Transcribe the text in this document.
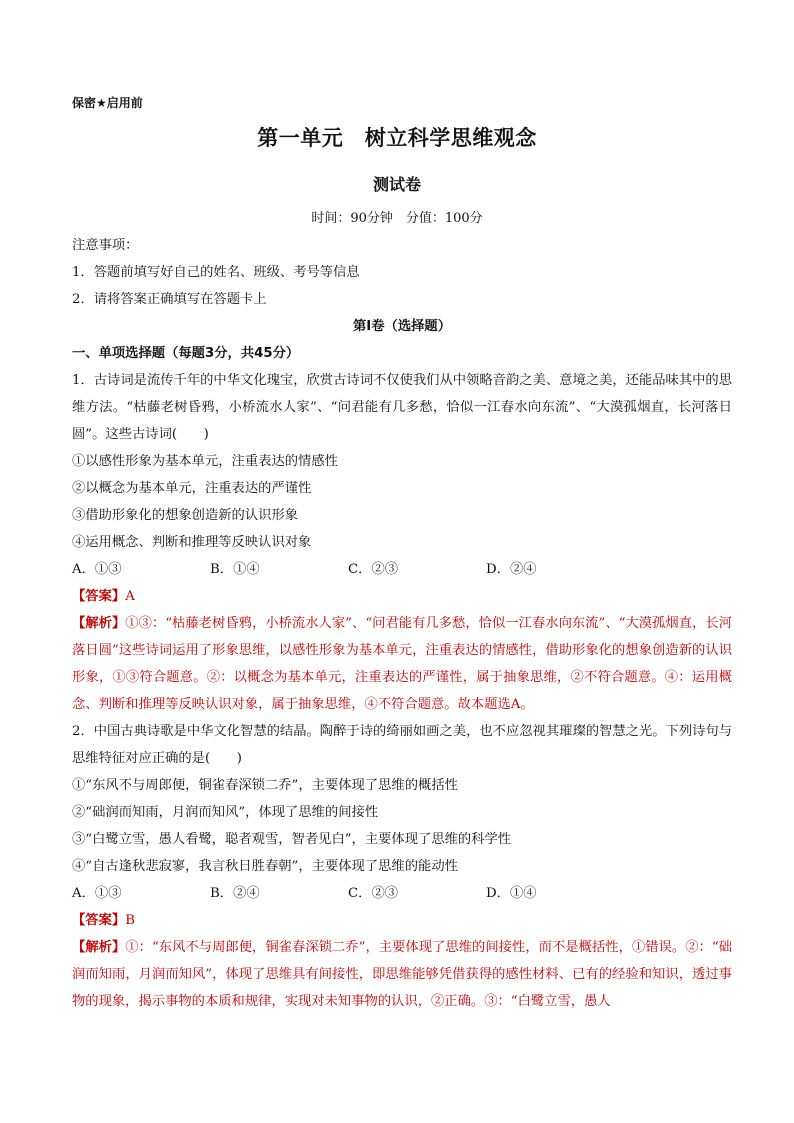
保密★启用前
第一单元　树立科学思维观念
测试卷
时间：90分钟　分值：100分
注意事项：
1．答题前填写好自己的姓名、班级、考号等信息
2．请将答案正确填写在答题卡上
第I卷（选择题）
一、单项选择题（每题3分，共45分）
1．古诗词是流传千年的中华文化瑰宝，欣赏古诗词不仅使我们从中领略音韵之美、意境之美，还能品味其中的思维方法。“枯藤老树昏鸦，小桥流水人家”、“问君能有几多愁，恰似一江春水向东流”、“大漠孤烟直，长河落日圆”。这些古诗词(　　)
①以感性形象为基本单元，注重表达的情感性
②以概念为基本单元，注重表达的严谨性
③借助形象化的想象创造新的认识形象
④运用概念、判断和推理等反映认识对象
A．①③	B．①④	C．②③	D．②④
【答案】A
【解析】①③：“枯藤老树昏鸦，小桥流水人家”、“问君能有几多愁，恰似一江春水向东流”、“大漠孤烟直，长河落日圆”这些诗词运用了形象思维，以感性形象为基本单元，注重表达的情感性，借助形象化的想象创造新的认识形象，①③符合题意。②：以概念为基本单元，注重表达的严谨性，属于抽象思维，②不符合题意。④：运用概念、判断和推理等反映认识对象，属于抽象思维，④不符合题意。故本题选A。
2．中国古典诗歌是中华文化智慧的结晶。陶醉于诗的绮丽如画之美，也不应忽视其璀璨的智慧之光。下列诗句与思维特征对应正确的是(　　)
①“东风不与周郎便，铜雀春深锁二乔”，主要体现了思维的概括性
②“础润而知雨，月润而知风”，体现了思维的间接性
③“白鹭立雪，愚人看鹭，聪者观雪，智者见白”，主要体现了思维的科学性
④“自古逢秋悲寂寥，我言秋日胜春朝”，主要体现了思维的能动性
A．①③	B．②④	C．②③	D．①④
【答案】B
【解析】①：“东风不与周郎便，铜雀春深锁二乔”，主要体现了思维的间接性，而不是概括性，①错误。②：“础润而知雨，月润而知风”，体现了思维具有间接性，即思维能够凭借获得的感性材料、已有的经验和知识，透过事物的现象，揭示事物的本质和规律，实现对未知事物的认识，②正确。③：“白鹭立雪，愚人
